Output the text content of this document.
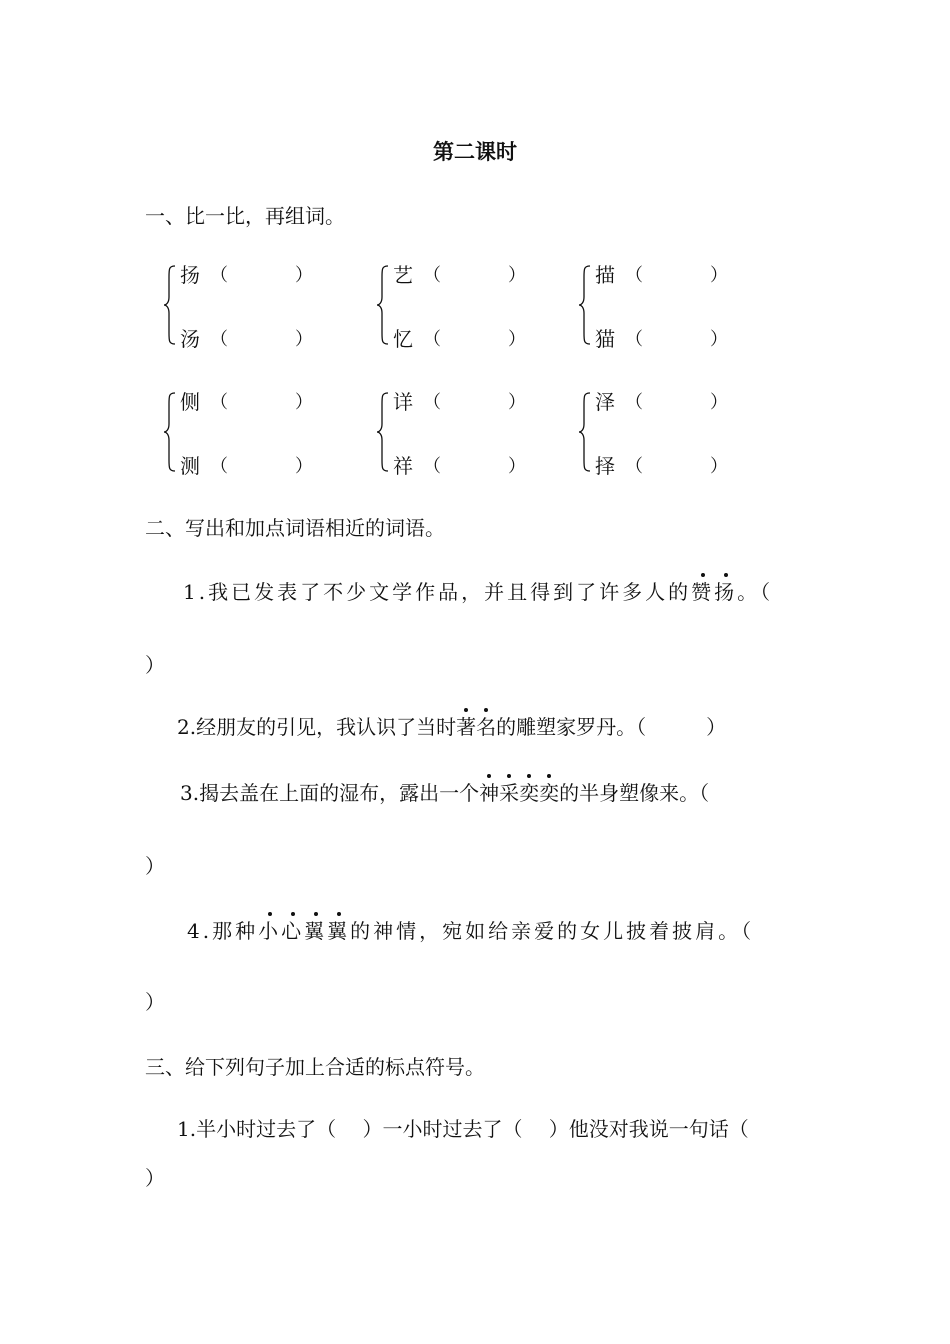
第二课时
一、比一比，再组词。
扬 （	）
汤 （	）
艺 （	）
忆 （	）
描 （	）
猫 （	）
侧 （	）
测 （	）
详 （	）
祥 （	）
泽 （	）
择 （	）
二、写出和加点词语相近的词语。
1.我已发表了不少文学作品，并且得到了许多人的赞扬。（
）
2.经朋友的引见，我认识了当时著名的雕塑家罗丹。（　　　）
3.揭去盖在上面的湿布，露出一个神采奕奕的半身塑像来。（
）
4.那种小心翼翼的神情，宛如给亲爱的女儿披着披肩。（
）
三、给下列句子加上合适的标点符号。
1.半小时过去了（　 ）一小时过去了（　 ）他没对我说一句话（
）
